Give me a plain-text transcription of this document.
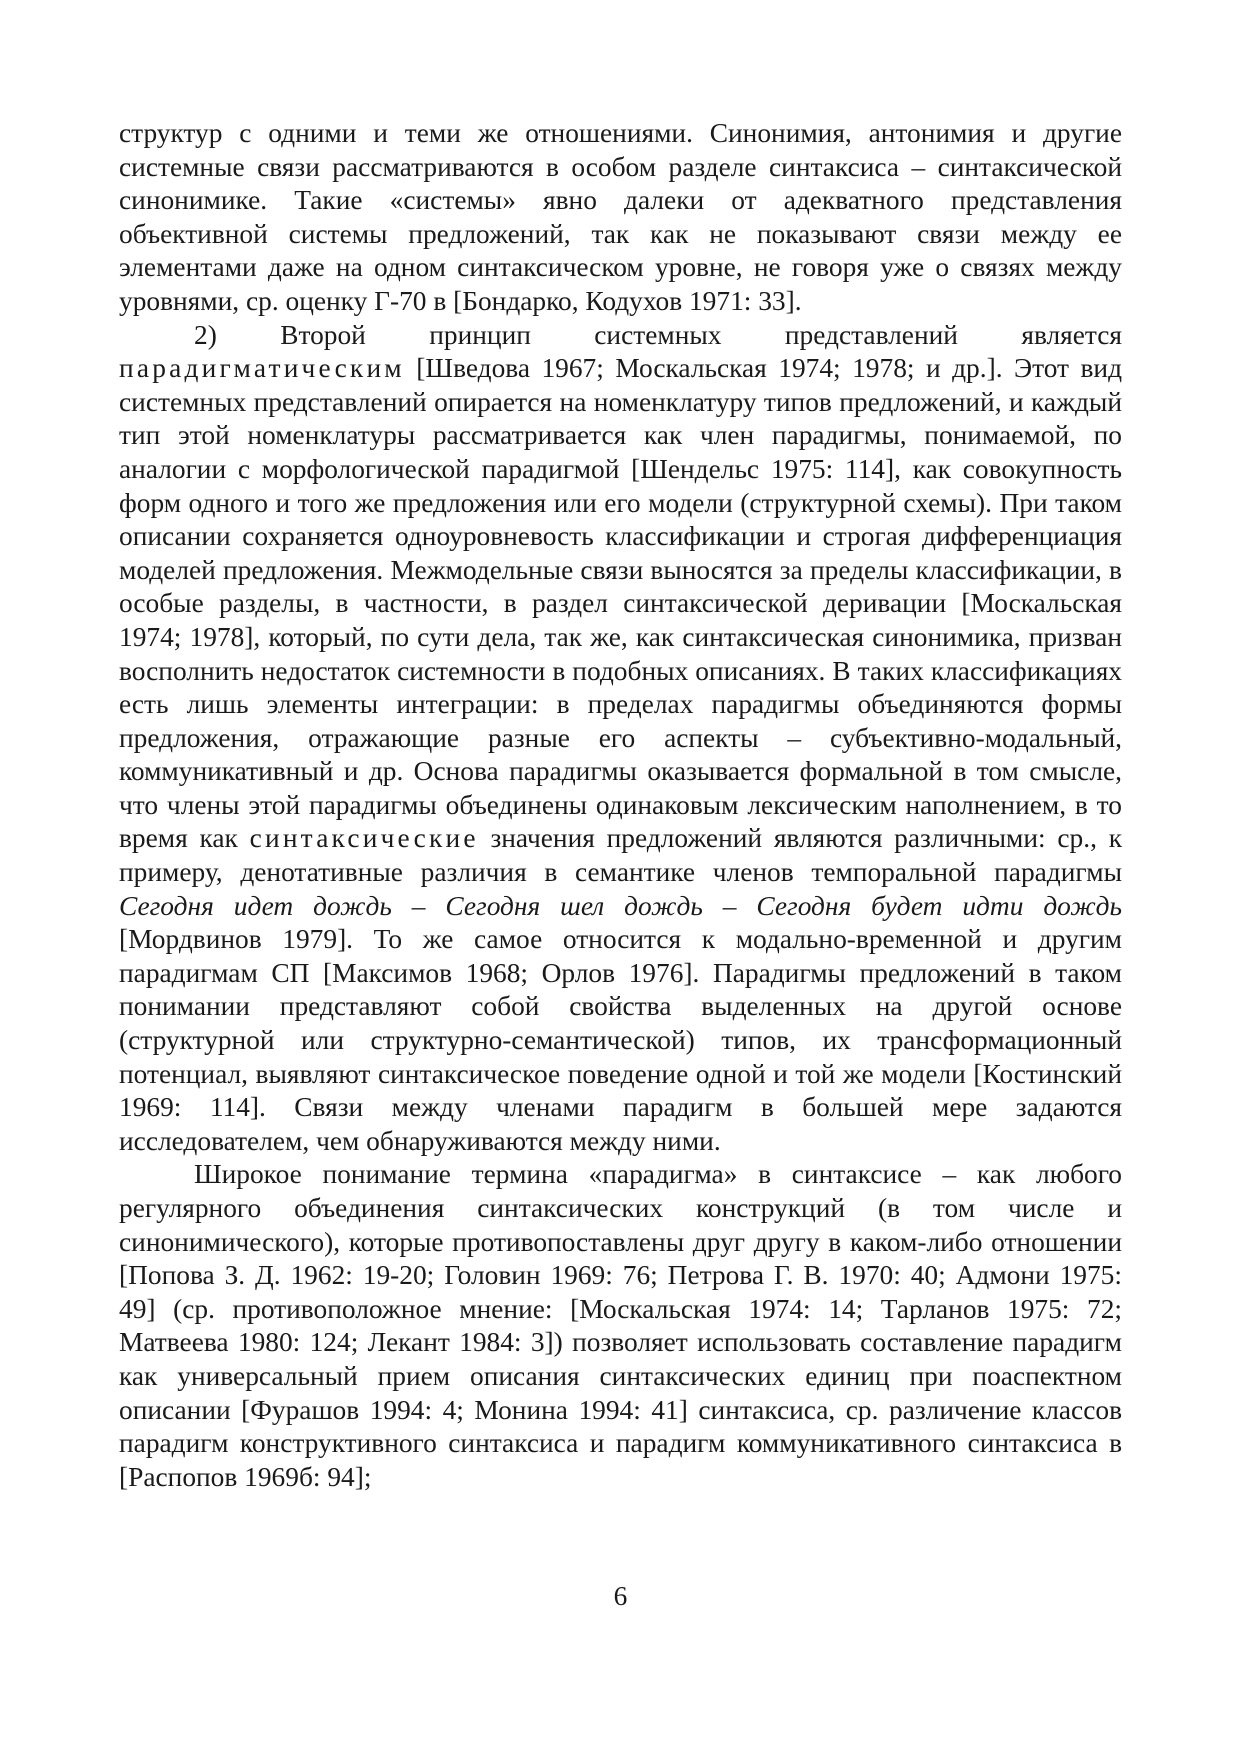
структур с одними и теми же отношениями. Синонимия, антонимия и другие системные связи рассматриваются в особом разделе синтаксиса – синтаксической синонимике. Такие «системы» явно далеки от адекватного представления объективной системы предложений, так как не показывают связи между ее элементами даже на одном синтаксическом уровне, не говоря уже о связях между уровнями, ср. оценку Г-70 в [Бондарко, Кодухов 1971: 33].

2) Второй принцип системных представлений является парадигматическим [Шведова 1967; Москальская 1974; 1978; и др.]. Этот вид системных представлений опирается на номенклатуру типов предложений, и каждый тип этой номенклатуры рассматривается как член парадигмы, понимаемой, по аналогии с морфологической парадигмой [Шендельс 1975: 114], как совокупность форм одного и того же предложения или его модели (структурной схемы). При таком описании сохраняется одноуровневость классификации и строгая дифференциация моделей предложения. Межмодельные связи выносятся за пределы классификации, в особые разделы, в частности, в раздел синтаксической деривации [Москальская 1974; 1978], который, по сути дела, так же, как синтаксическая синонимика, призван восполнить недостаток системности в подобных описаниях. В таких классификациях есть лишь элементы интеграции: в пределах парадигмы объединяются формы предложения, отражающие разные его аспекты – субъективно-модальный, коммуникативный и др. Основа парадигмы оказывается формальной в том смысле, что члены этой парадигмы объединены одинаковым лексическим наполнением, в то время как синтаксические значения предложений являются различными: ср., к примеру, денотативные различия в семантике членов темпоральной парадигмы Сегодня идет дождь – Сегодня шел дождь – Сегодня будет идти дождь [Мордвинов 1979]. То же самое относится к модально-временной и другим парадигмам СП [Максимов 1968; Орлов 1976]. Парадигмы предложений в таком понимании представляют собой свойства выделенных на другой основе (структурной или структурно-семантической) типов, их трансформационный потенциал, выявляют синтаксическое поведение одной и той же модели [Костинский 1969: 114]. Связи между членами парадигм в большей мере задаются исследователем, чем обнаруживаются между ними.

Широкое понимание термина «парадигма» в синтаксисе – как любого регулярного объединения синтаксических конструкций (в том числе и синонимического), которые противопоставлены друг другу в каком-либо отношении [Попова З. Д. 1962: 19-20; Головин 1969: 76; Петрова Г. В. 1970: 40; Адмони 1975: 49] (ср. противоположное мнение: [Москальская 1974: 14; Тарланов 1975: 72; Матвеева 1980: 124; Лекант 1984: 3]) позволяет использовать составление парадигм как универсальный прием описания синтаксических единиц при поаспектном описании [Фурашов 1994: 4; Монина 1994: 41] синтаксиса, ср. различение классов парадигм конструктивного синтаксиса и парадигм коммуникативного синтаксиса в [Распопов 1969б: 94];

6
